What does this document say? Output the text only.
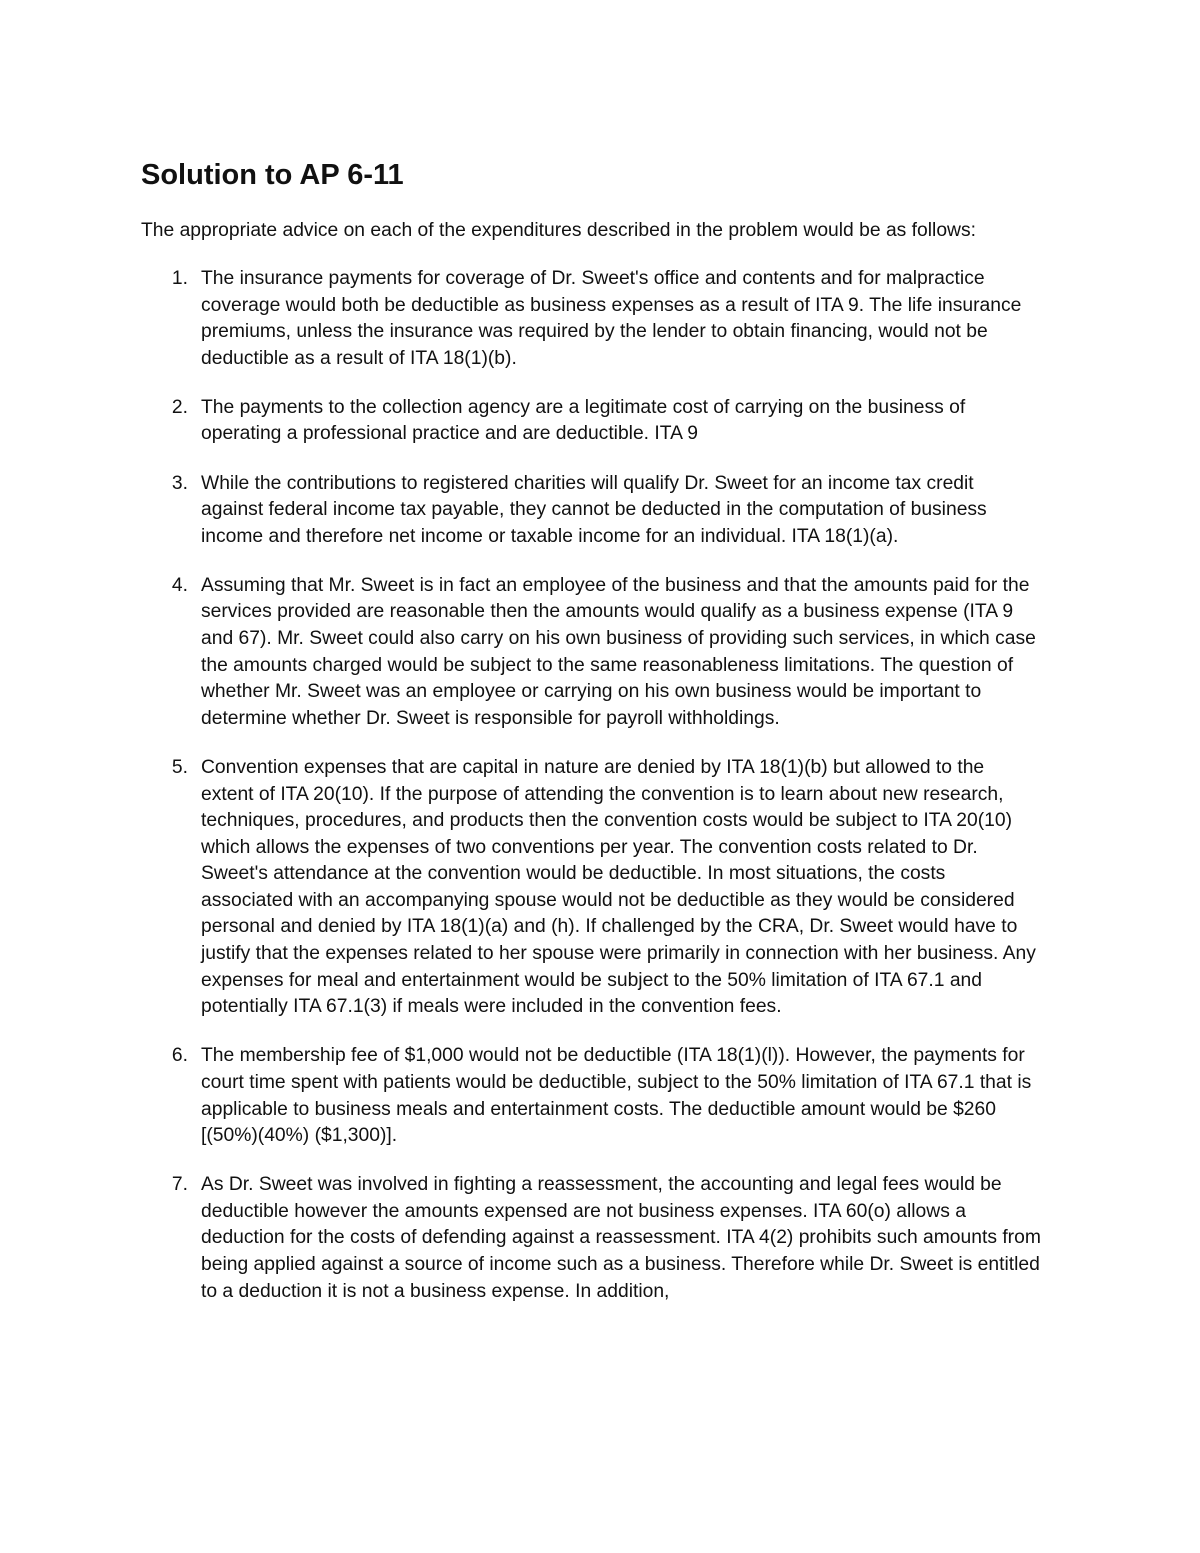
Solution to AP 6-11

The appropriate advice on each of the expenditures described in the problem would be as follows:

1. The insurance payments for coverage of Dr. Sweet's office and contents and for malpractice coverage would both be deductible as business expenses as a result of ITA 9. The life insurance premiums, unless the insurance was required by the lender to obtain financing, would not be deductible as a result of ITA 18(1)(b).
2. The payments to the collection agency are a legitimate cost of carrying on the business of operating a professional practice and are deductible. ITA 9
3. While the contributions to registered charities will qualify Dr. Sweet for an income tax credit against federal income tax payable, they cannot be deducted in the computation of business income and therefore net income or taxable income for an individual. ITA 18(1)(a).
4. Assuming that Mr. Sweet is in fact an employee of the business and that the amounts paid for the services provided are reasonable then the amounts would qualify as a business expense (ITA 9 and 67). Mr. Sweet could also carry on his own business of providing such services, in which case the amounts charged would be subject to the same reasonableness limitations. The question of whether Mr. Sweet was an employee or carrying on his own business would be important to determine whether Dr. Sweet is responsible for payroll withholdings.
5. Convention expenses that are capital in nature are denied by ITA 18(1)(b) but allowed to the extent of ITA 20(10). If the purpose of attending the convention is to learn about new research, techniques, procedures, and products then the convention costs would be subject to ITA 20(10) which allows the expenses of two conventions per year. The convention costs related to Dr. Sweet's attendance at the convention would be deductible. In most situations, the costs associated with an accompanying spouse would not be deductible as they would be considered personal and denied by ITA 18(1)(a) and (h). If challenged by the CRA, Dr. Sweet would have to justify that the expenses related to her spouse were primarily in connection with her business. Any expenses for meal and entertainment would be subject to the 50% limitation of ITA 67.1 and potentially ITA 67.1(3) if meals were included in the convention fees.
6. The membership fee of $1,000 would not be deductible (ITA 18(1)(l)). However, the payments for court time spent with patients would be deductible, subject to the 50% limitation of ITA 67.1 that is applicable to business meals and entertainment costs. The deductible amount would be $260 [(50%)(40%) ($1,300)].
7. As Dr. Sweet was involved in fighting a reassessment, the accounting and legal fees would be deductible however the amounts expensed are not business expenses. ITA 60(o) allows a deduction for the costs of defending against a reassessment. ITA 4(2) prohibits such amounts from being applied against a source of income such as a business. Therefore while Dr. Sweet is entitled to a deduction it is not a business expense. In addition,
